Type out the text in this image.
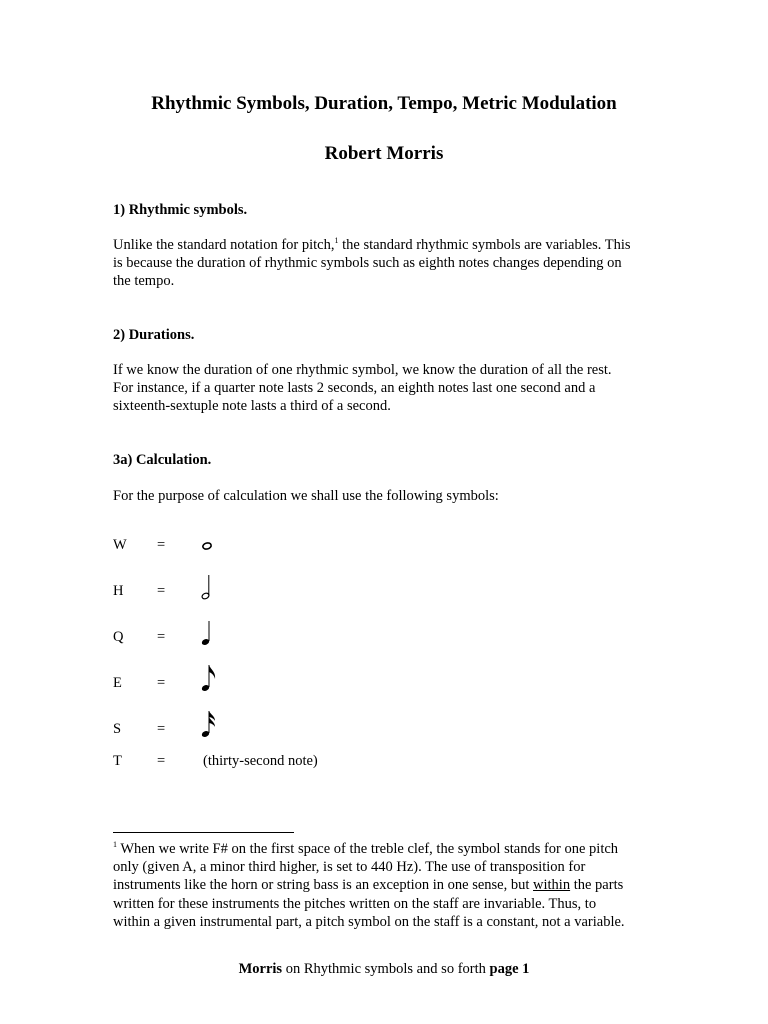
Rhythmic Symbols, Duration, Tempo, Metric Modulation
Robert Morris
1) Rhythmic symbols.
Unlike the standard notation for pitch,$^1$ the standard rhythmic symbols are variables. This
is because the duration of rhythmic symbols such as eighth notes changes depending on
the tempo.
2) Durations.
If we know the duration of one rhythmic symbol, we know the duration of all the rest.
For instance, if a quarter note lasts 2 seconds, an eighth notes last one second and a
sixteenth-sextuple note lasts a third of a second.
3a) Calculation.
For the purpose of calculation we shall use the following symbols:
W =
H =
Q =
E =
S =
T =	(thirty-second note)
$^1$ When we write F# on the first space of the treble clef, the symbol stands for one pitch
only (given A, a minor third higher, is set to 440 Hz). The use of transposition for
instruments like the horn or string bass is an exception in one sense, but within the parts
written for these instruments the pitches written on the staff are invariable. Thus, to
within a given instrumental part, a pitch symbol on the staff is a constant, not a variable.
Morris on Rhythmic symbols and so forth page 1
